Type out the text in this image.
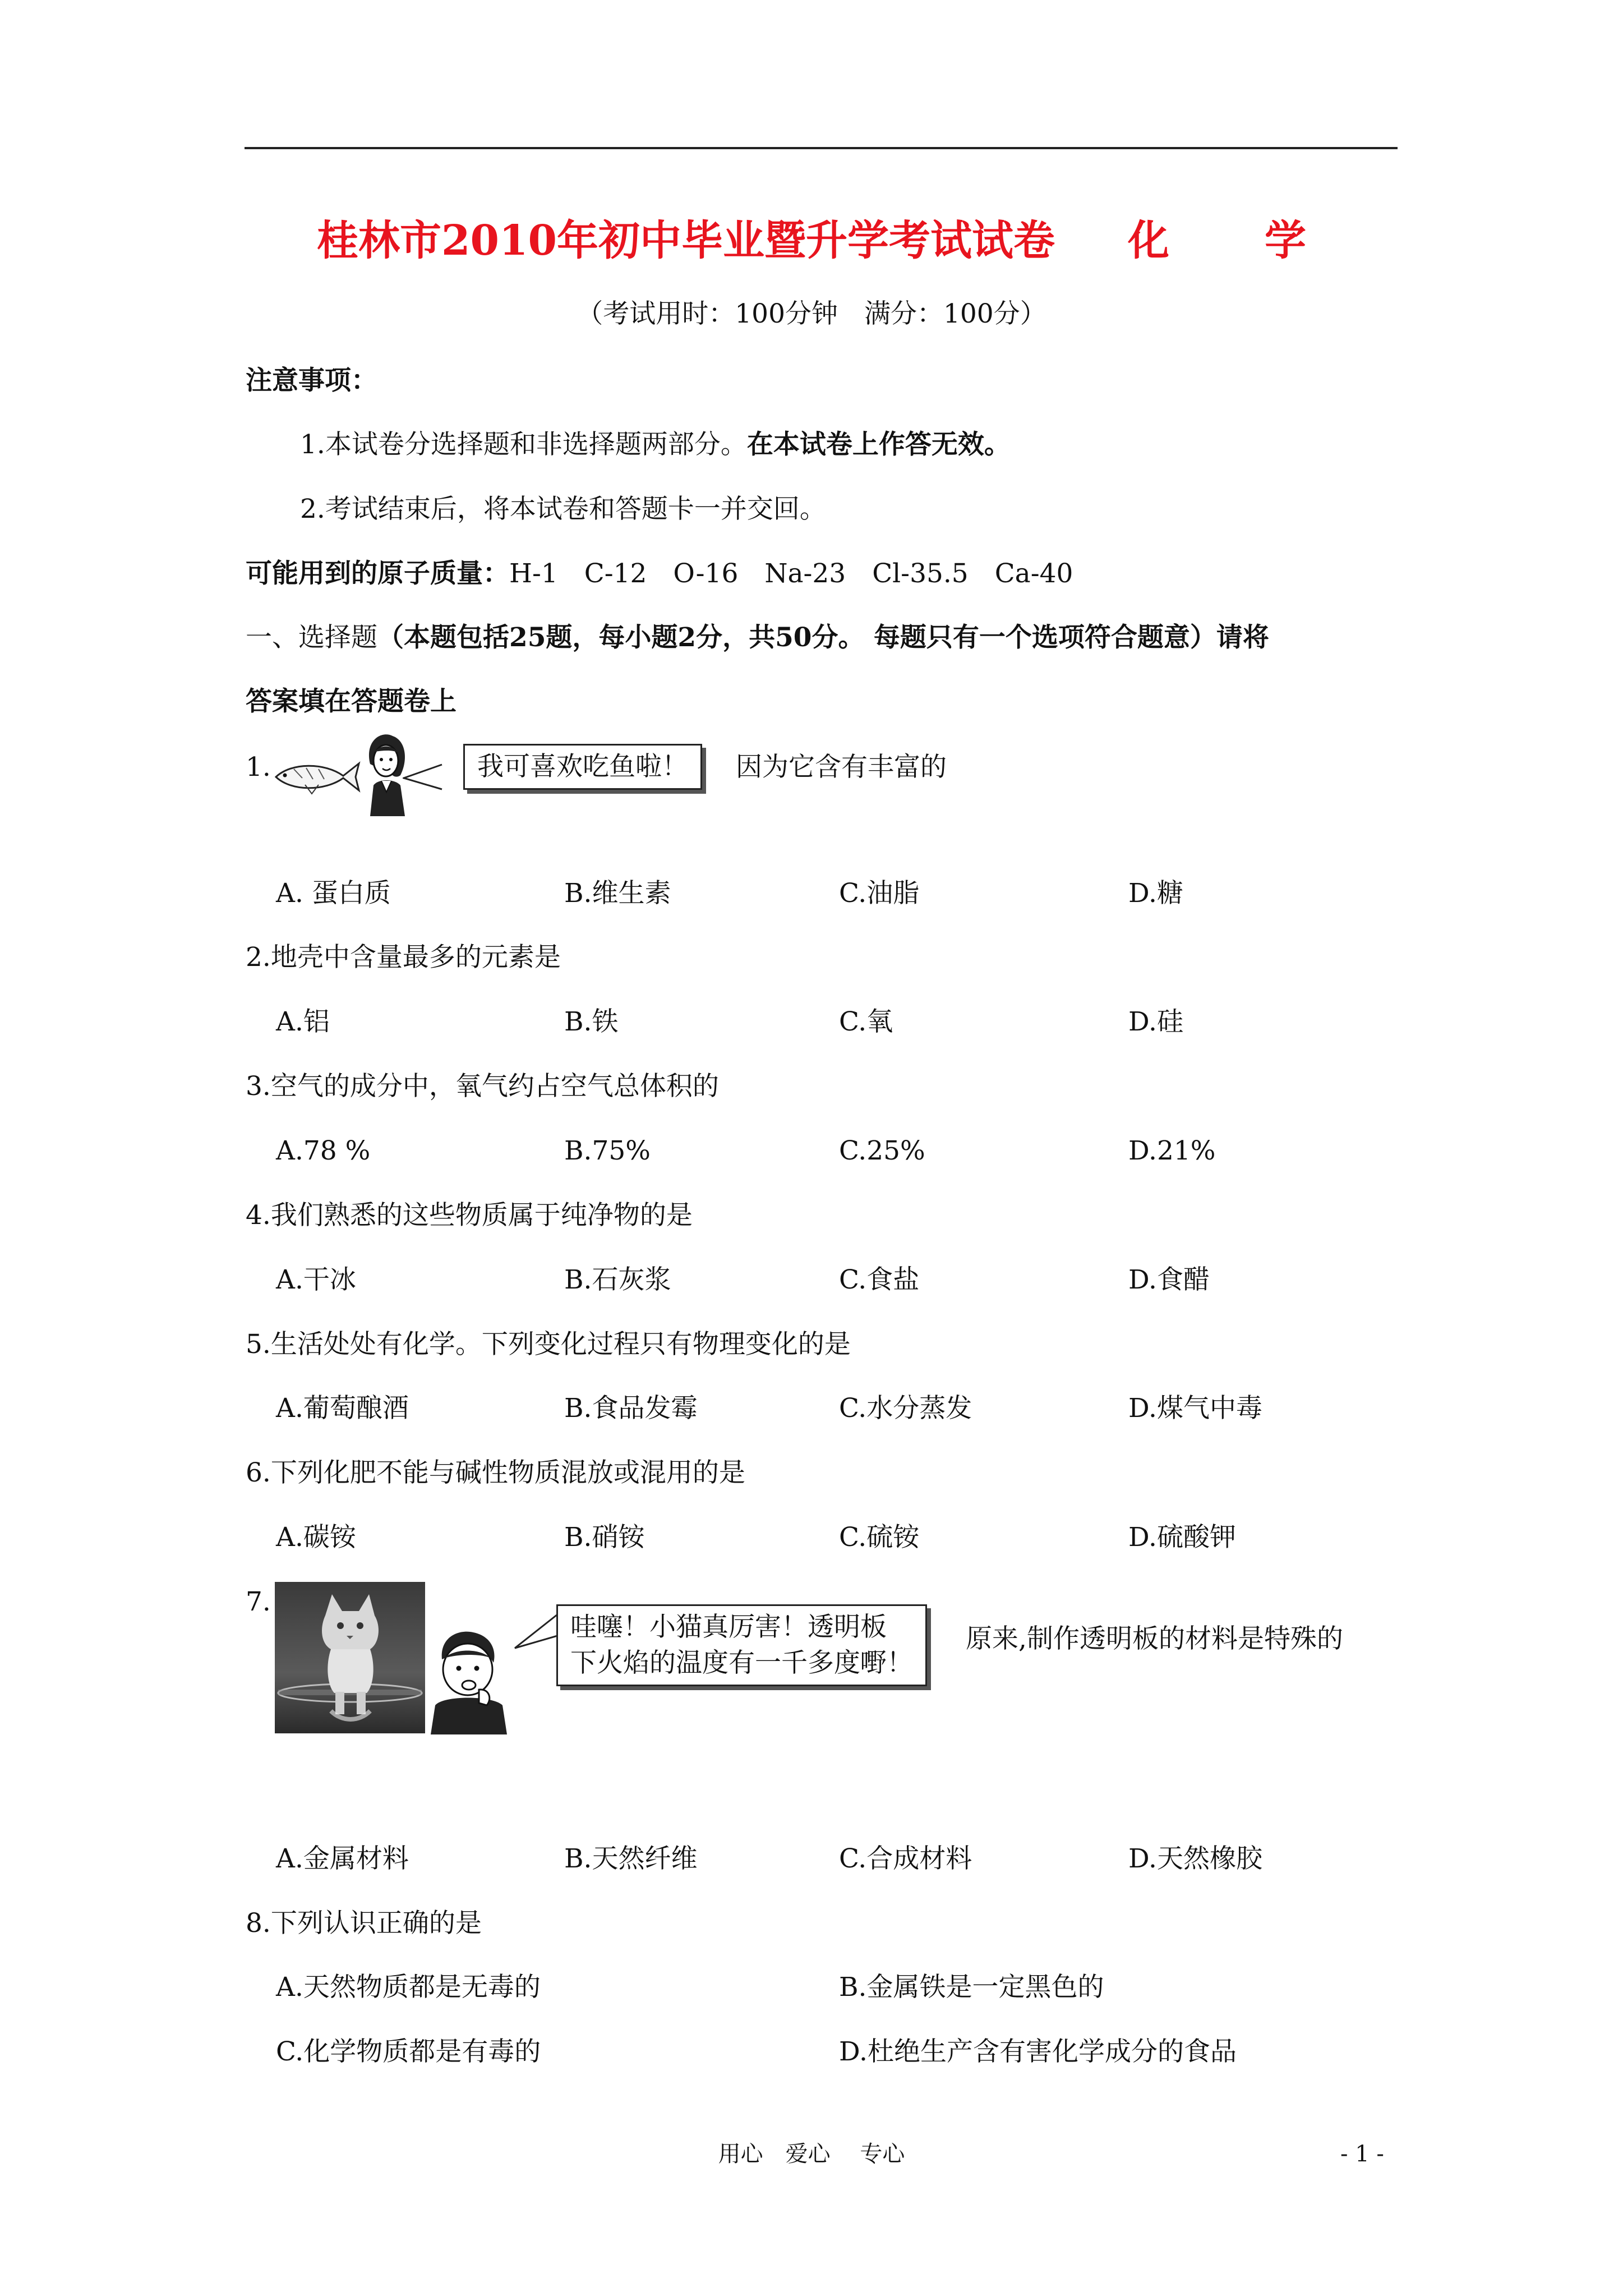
桂林市2010年初中毕业暨升学考试试卷 化 学
（考试用时：100分钟　满分：100分）
注意事项：
1.本试卷分选择题和非选择题两部分。在本试卷上作答无效。
2.考试结束后，将本试卷和答题卡一并交回。
可能用到的原子质量：H-1　C-12　O-16　Na-23　Cl-35.5　Ca-40
一、选择题（本题包括25题，每小题2分，共50分。 每题只有一个选项符合题意）请将
答案填在答题卷上
1.	我可喜欢吃鱼啦！	因为它含有丰富的
A. 蛋白质	B.维生素	C.油脂	D.糖
2.地壳中含量最多的元素是
A.铝	B.铁	C.氧	D.硅
3.空气的成分中，氧气约占空气总体积的
A.78 %	B.75%	C.25%	D.21%
4.我们熟悉的这些物质属于纯净物的是
A.干冰	B.石灰浆	C.食盐	D.食醋
5.生活处处有化学。下列变化过程只有物理变化的是
A.葡萄酿酒	B.食品发霉	C.水分蒸发	D.煤气中毒
6.下列化肥不能与碱性物质混放或混用的是
A.碳铵	B.硝铵	C.硫铵	D.硫酸钾
7.
哇噻！小猫真厉害！透明板
下火焰的温度有一千多度嘢！
原来,制作透明板的材料是特殊的
A.金属材料	B.天然纤维	C.合成材料	D.天然橡胶
8.下列认识正确的是
A.天然物质都是无毒的	B.金属铁是一定黑色的
C.化学物质都是有毒的	D.杜绝生产含有害化学成分的食品
用心　爱心　 专心	- 1 -
